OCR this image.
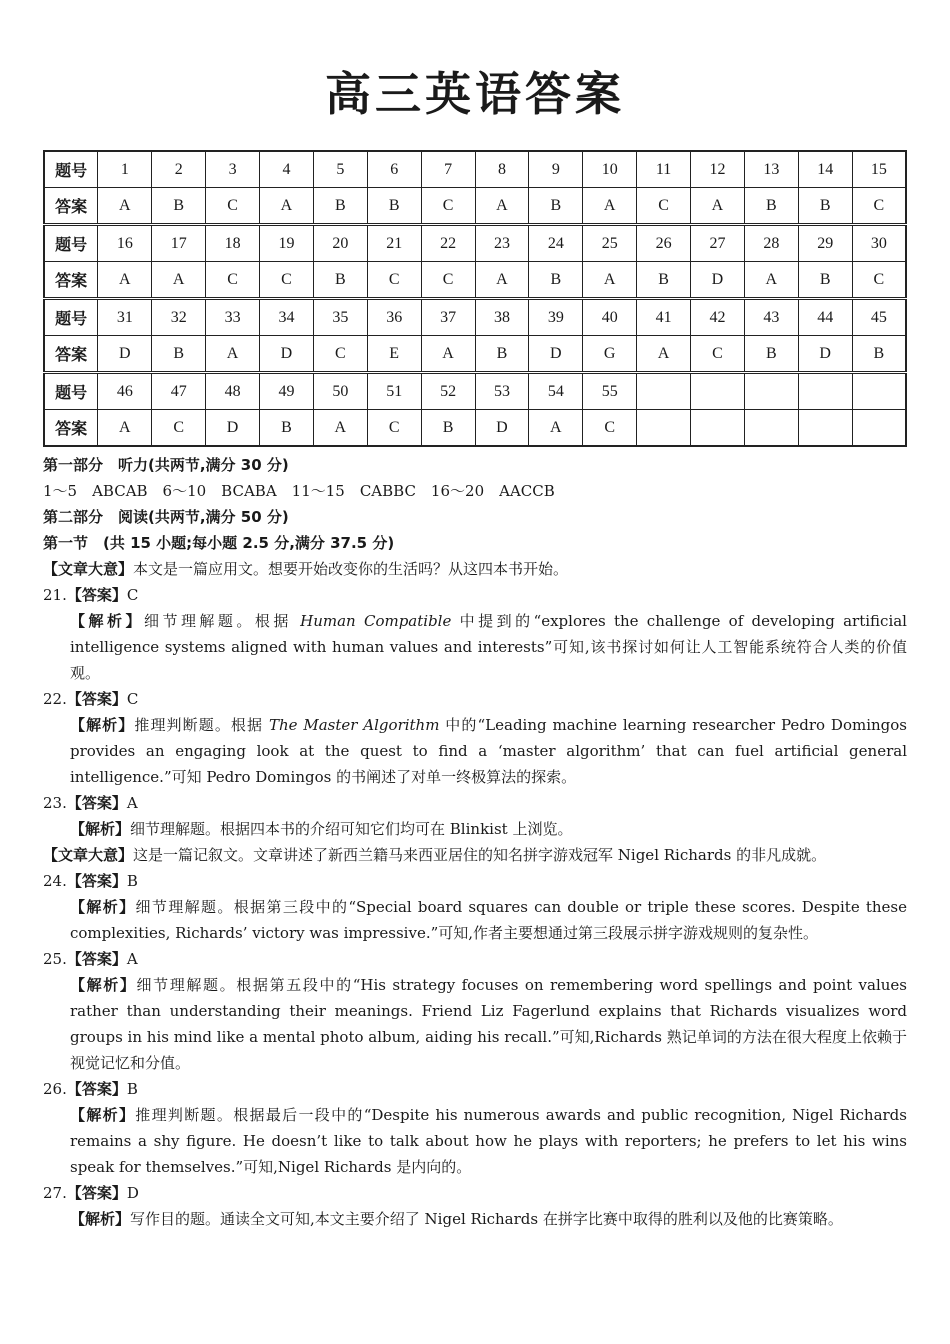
高三英语答案
题号	1	2	3	4	5	6	7	8	9	10	11	12	13	14	15
答案	A	B	C	A	B	B	C	A	B	A	C	A	B	B	C
题号	16	17	18	19	20	21	22	23	24	25	26	27	28	29	30
答案	A	A	C	C	B	C	C	A	B	A	B	D	A	B	C
题号	31	32	33	34	35	36	37	38	39	40	41	42	43	44	45
答案	D	B	A	D	C	E	A	B	D	G	A	C	B	D	B
题号	46	47	48	49	50	51	52	53	54	55					
答案	A	C	D	B	A	C	B	D	A	C					

第一部分　听力(共两节,满分 30 分)

1～5　ABCAB　6～10　BCABA　11～15　CABBC　16～20　AACCB

第二部分　阅读(共两节,满分 50 分)

第一节　(共 15 小题;每小题 2.5 分,满分 37.5 分)

【文章大意】本文是一篇应用文。想要开始改变你的生活吗？从这四本书开始。

21.【答案】C

【解析】细节理解题。根据 Human Compatible 中提到的“explores the challenge of developing artificial intelligence systems aligned with human values and interests”可知,该书探讨如何让人工智能系统符合人类的价值观。

22.【答案】C

【解析】推理判断题。根据 The Master Algorithm 中的“Leading machine learning researcher Pedro Domingos provides an engaging look at the quest to find a ‘master algorithm’ that can fuel artificial general intelligence.”可知 Pedro Domingos 的书阐述了对单一终极算法的探索。

23.【答案】A

【解析】细节理解题。根据四本书的介绍可知它们均可在 Blinkist 上浏览。

【文章大意】这是一篇记叙文。文章讲述了新西兰籍马来西亚居住的知名拼字游戏冠军 Nigel Richards 的非凡成就。

24.【答案】B

【解析】细节理解题。根据第三段中的“Special board squares can double or triple these scores. Despite these complexities, Richards’ victory was impressive.”可知,作者主要想通过第三段展示拼字游戏规则的复杂性。

25.【答案】A

【解析】细节理解题。根据第五段中的“His strategy focuses on remembering word spellings and point values rather than understanding their meanings. Friend Liz Fagerlund explains that Richards visualizes word groups in his mind like a mental photo album, aiding his recall.”可知,Richards 熟记单词的方法在很大程度上依赖于视觉记忆和分值。

26.【答案】B

【解析】推理判断题。根据最后一段中的“Despite his numerous awards and public recognition, Nigel Richards remains a shy figure. He doesn’t like to talk about how he plays with reporters; he prefers to let his wins speak for themselves.”可知,Nigel Richards 是内向的。

27.【答案】D

【解析】写作目的题。通读全文可知,本文主要介绍了 Nigel Richards 在拼字比赛中取得的胜利以及他的比赛策略。
